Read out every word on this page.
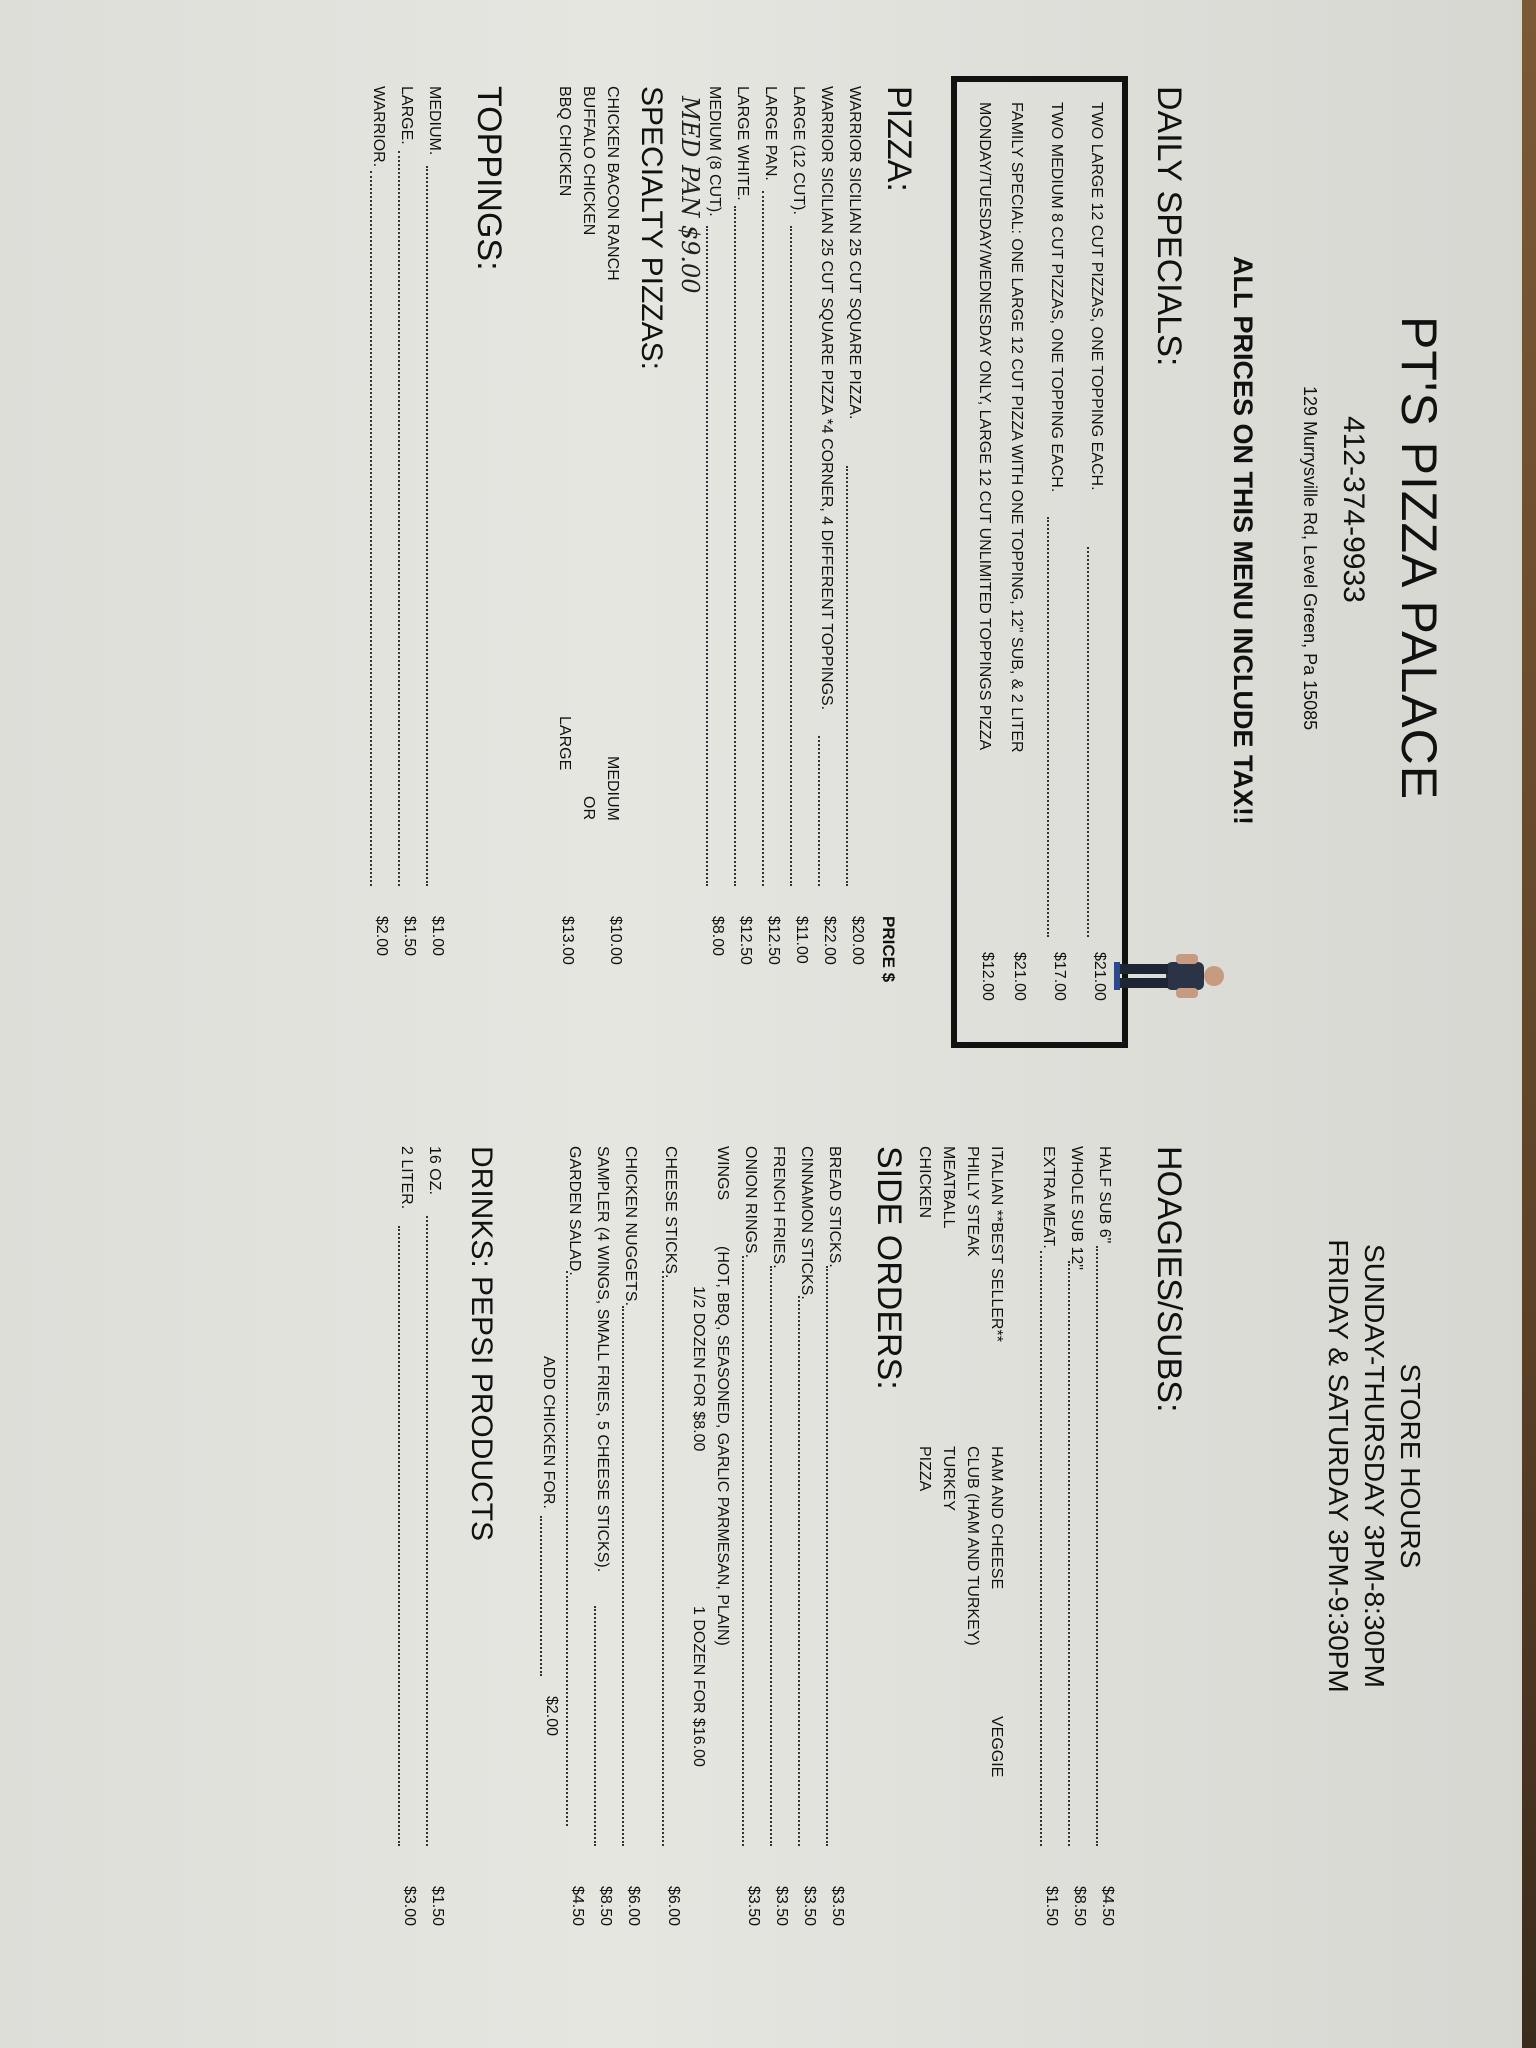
PT'S PIZZA PALACE
412-374-9933
129 Murrysville Rd, Level Green, Pa 15085
ALL PRICES ON THIS MENU INCLUDE TAX!!
STORE HOURS
SUNDAY-THURSDAY 3PM-8:30PM
FRIDAY & SATURDAY 3PM-9:30PM
DAILY SPECIALS:
TWO LARGE 12 CUT PIZZAS, ONE TOPPING EACH.
$21.00
TWO MEDIUM 8 CUT PIZZAS, ONE TOPPING EACH.
$17.00
FAMILY SPECIAL: ONE LARGE 12 CUT PIZZA WITH ONE TOPPING, 12" SUB, & 2 LITER
$21.00
MONDAY/TUESDAY/WEDNESDAY ONLY, LARGE 12 CUT UNLIMITED TOPPINGS PIZZA
$12.00
PIZZA:
PRICE $
WARRIOR SICILIAN 25 CUT SQUARE PIZZA.
$20.00
WARRIOR SICILIAN 25 CUT SQUARE PIZZA *4 CORNER, 4 DIFFERENT TOPPINGS.
$22.00
LARGE (12 CUT).
$11.00
LARGE PAN.
$12.50
LARGE WHITE.
$12.50
MEDIUM (8 CUT).
$8.00
MED PAN $9.00
SPECIALTY PIZZAS:
CHICKEN BACON RANCH
BUFFALO CHICKEN
BBQ CHICKEN
MEDIUM
OR
LARGE
$10.00
$13.00
TOPPINGS:
MEDIUM.
$1.00
LARGE.
$1.50
WARRIOR.
$2.00
HOAGIES/SUBS:
HALF SUB 6"
$4.50
WHOLE SUB 12"
$8.50
EXTRA MEAT.
$1.50
ITALIAN **BEST SELLER**
PHILLY STEAK
MEATBALL
CHICKEN
HAM AND CHEESE
CLUB (HAM AND TURKEY)
TURKEY
PIZZA
VEGGIE
SIDE ORDERS:
BREAD STICKS.
$3.50
CINNAMON STICKS.
$3.50
FRENCH FRIES.
$3.50
ONION RINGS.
$3.50
WINGS
(HOT, BBQ, SEASONED, GARLIC PARMESAN, PLAIN)
1/2 DOZEN FOR $8.00
1 DOZEN FOR $16.00
CHEESE STICKS.
$6.00
CHICKEN NUGGETS.
$6.00
SAMPLER (4 WINGS, SMALL FRIES, 5 CHEESE STICKS).
$8.50
GARDEN SALAD.
$4.50
ADD CHICKEN FOR.
$2.00
DRINKS: PEPSI PRODUCTS
16 OZ.
$1.50
2 LITER.
$3.00
